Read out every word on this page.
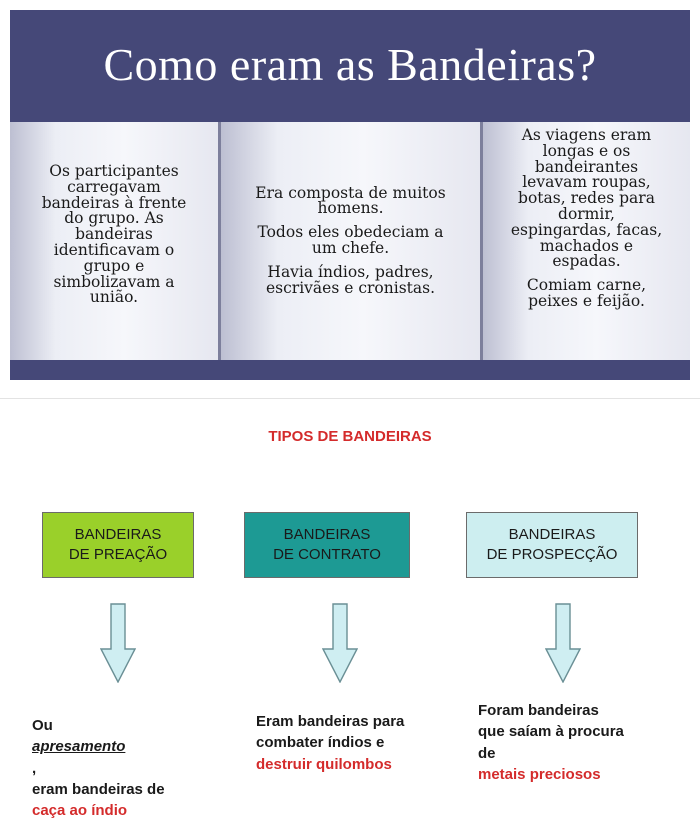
Como eram as Bandeiras?

Os participantes
carregavam
bandeiras à frente
do grupo. As
bandeiras
identificavam o
grupo e
simbolizavam a
união.

Era composta de muitos
homens.

Todos eles obedeciam a
um chefe.

Havia índios, padres,
escrivães e cronistas.

As viagens eram
longas e os
bandeirantes
levavam roupas,
botas, redes para
dormir,
espingardas, facas,
machados e
espadas.

Comiam carne,
peixes e feijão.

TIPOS DE BANDEIRAS
BANDEIRAS
DE PREAÇÃO
BANDEIRAS
DE CONTRATO
BANDEIRAS
DE PROSPECÇÃO
Ou
apresamento
,
eram bandeiras de
caça ao índio
Eram bandeiras para
combater índios e
destruir quilombos
Foram bandeiras
que saíam à procura
de
metais preciosos
